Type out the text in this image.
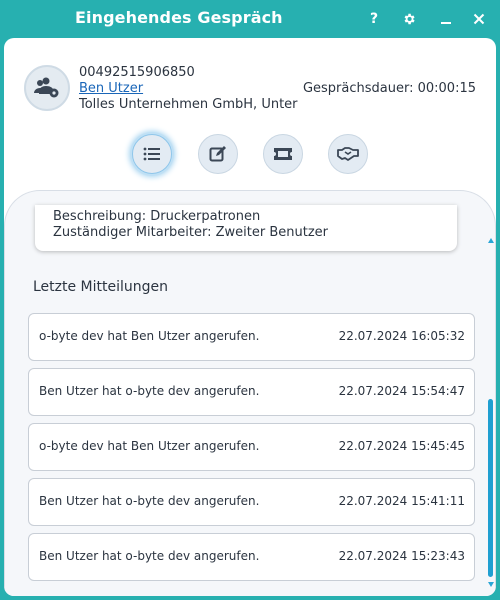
Eingehendes Gespräch	?
00492515906850
Ben Utzer
Tolles Unternehmen GmbH, Unter
Gesprächsdauer: 00:00:15
Beschreibung: Druckerpatronen
Zuständiger Mitarbeiter: Zweiter Benutzer
Letzte Mitteilungen
o-byte dev hat Ben Utzer angerufen.	22.07.2024 16:05:32
Ben Utzer hat o-byte dev angerufen.	22.07.2024 15:54:47
o-byte dev hat Ben Utzer angerufen.	22.07.2024 15:45:45
Ben Utzer hat o-byte dev angerufen.	22.07.2024 15:41:11
Ben Utzer hat o-byte dev angerufen.	22.07.2024 15:23:43
